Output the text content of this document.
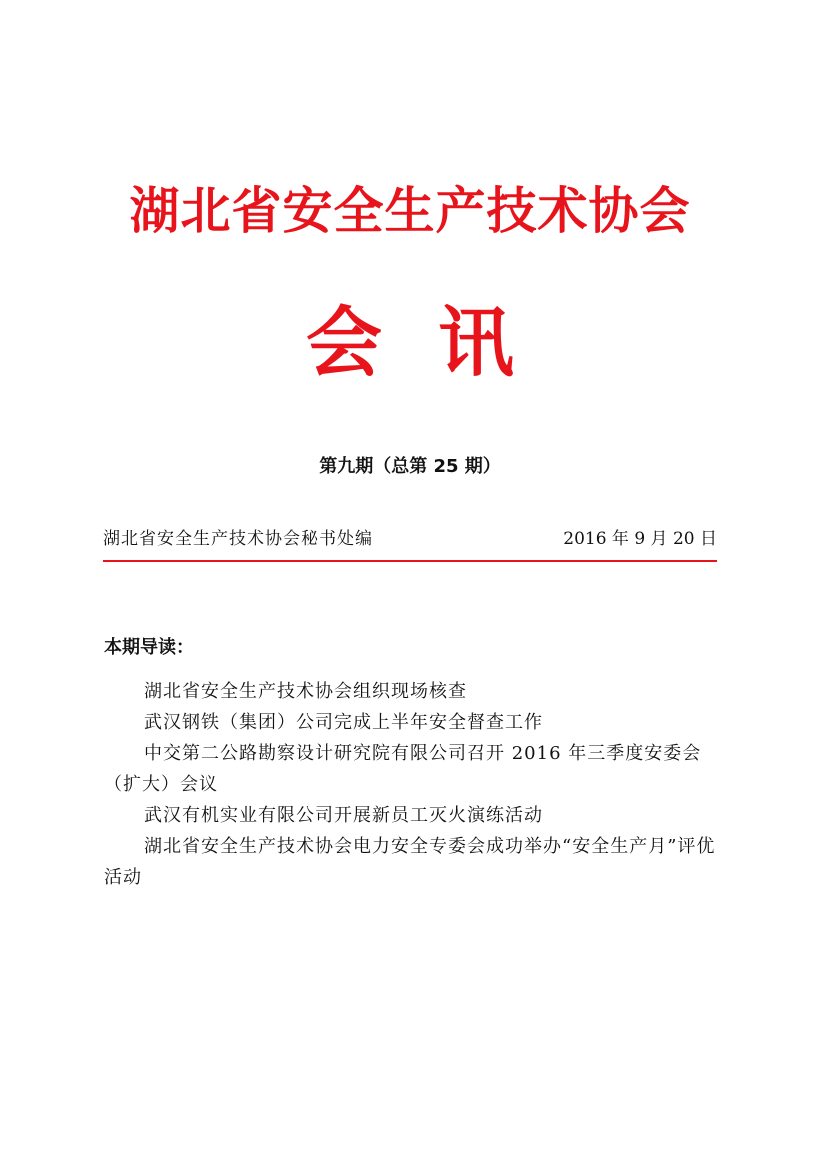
湖北省安全生产技术协会
会讯
第九期（总第 25 期）
湖北省安全生产技术协会秘书处编	2016 年 9 月 20 日
本期导读：
湖北省安全生产技术协会组织现场核查
武汉钢铁（集团）公司完成上半年安全督查工作
中交第二公路勘察设计研究院有限公司召开 2016 年三季度安委会（扩大）会议
武汉有机实业有限公司开展新员工灭火演练活动
湖北省安全生产技术协会电力安全专委会成功举办“安全生产月”评优活动
